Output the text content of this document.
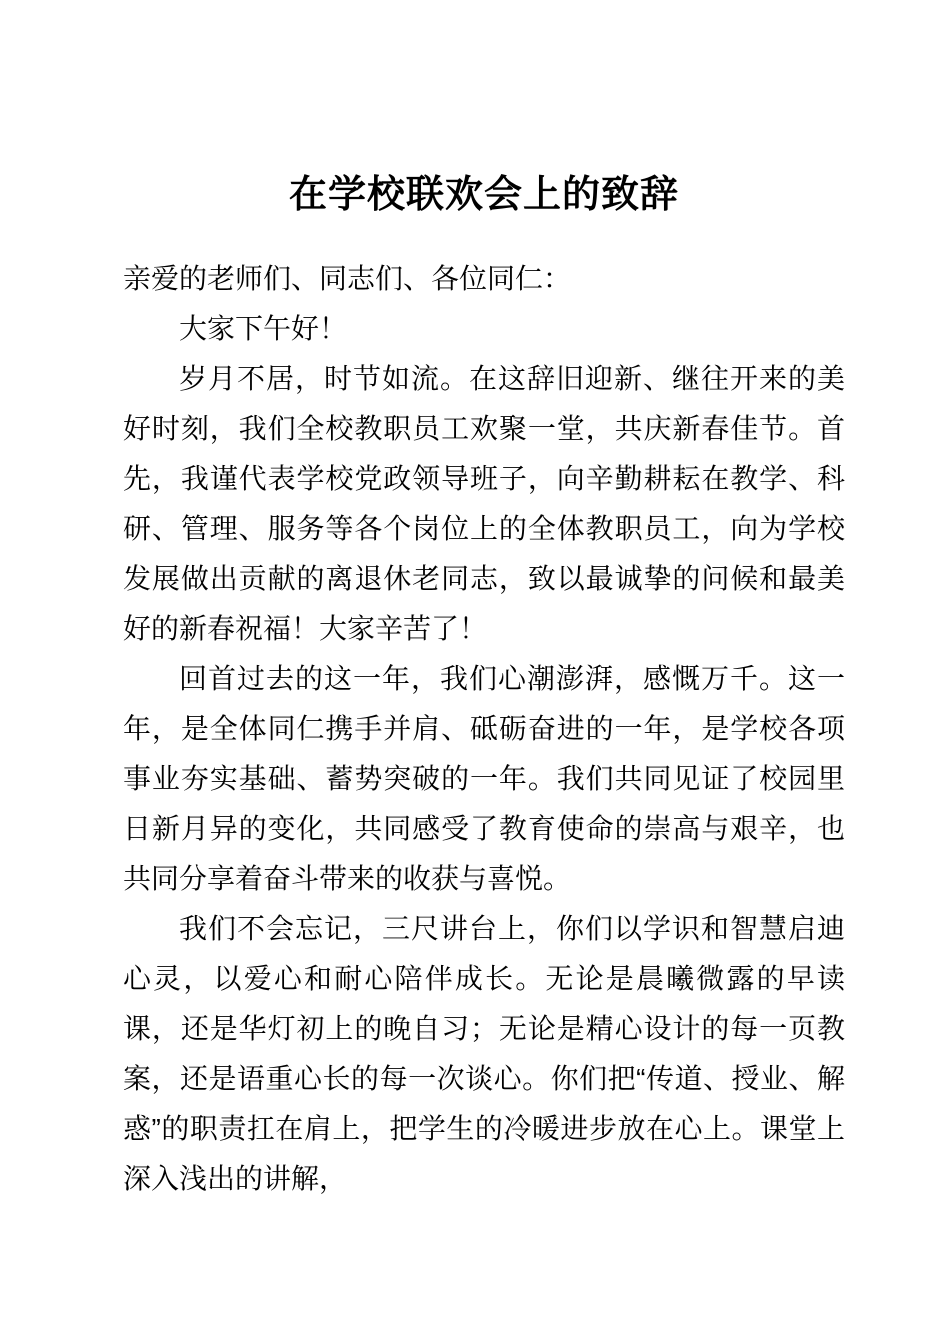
在学校联欢会上的致辞

亲爱的老师们、同志们、各位同仁：

大家下午好！

岁月不居，时节如流。在这辞旧迎新、继往开来的美好时刻，我们全校教职员工欢聚一堂，共庆新春佳节。首先，我谨代表学校党政领导班子，向辛勤耕耘在教学、科研、管理、服务等各个岗位上的全体教职员工，向为学校发展做出贡献的离退休老同志，致以最诚挚的问候和最美好的新春祝福！大家辛苦了！

回首过去的这一年，我们心潮澎湃，感慨万千。这一年，是全体同仁携手并肩、砥砺奋进的一年，是学校各项事业夯实基础、蓄势突破的一年。我们共同见证了校园里日新月异的变化，共同感受了教育使命的崇高与艰辛，也共同分享着奋斗带来的收获与喜悦。

我们不会忘记，三尺讲台上，你们以学识和智慧启迪心灵，以爱心和耐心陪伴成长。无论是晨曦微露的早读课，还是华灯初上的晚自习；无论是精心设计的每一页教案，还是语重心长的每一次谈心。你们把“传道、授业、解惑”的职责扛在肩上，把学生的冷暖进步放在心上。课堂上深入浅出的讲解，
